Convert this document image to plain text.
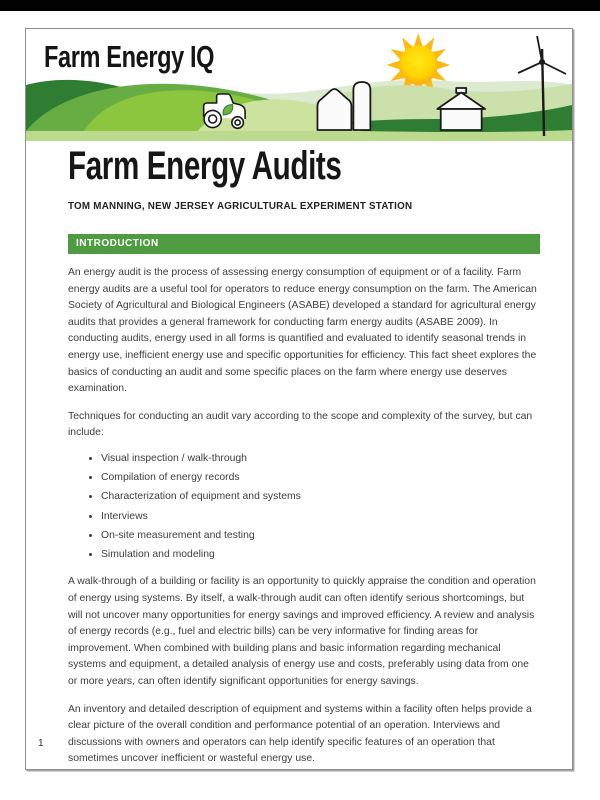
Farm Energy IQ
Farm Energy Audits
TOM MANNING, NEW JERSEY AGRICULTURAL EXPERIMENT STATION
INTRODUCTION

An energy audit is the process of assessing energy consumption of equipment or of a facility. Farm energy audits are a useful tool for operators to reduce energy consumption on the farm. The American Society of Agricultural and Biological Engineers (ASABE) developed a standard for agricultural energy audits that provides a general framework for conducting farm energy audits (ASABE 2009). In conducting audits, energy used in all forms is quantified and evaluated to identify seasonal trends in energy use, inefficient energy use and specific opportunities for efficiency. This fact sheet explores the basics of conducting an audit and some specific places on the farm where energy use deserves examination.

Techniques for conducting an audit vary according to the scope and complexity of the survey, but can include:

• Visual inspection / walk-through
• Compilation of energy records
• Characterization of equipment and systems
• Interviews
• On-site measurement and testing
• Simulation and modeling

A walk-through of a building or facility is an opportunity to quickly appraise the condition and operation of energy using systems. By itself, a walk-through audit can often identify serious shortcomings, but will not uncover many opportunities for energy savings and improved efficiency. A review and analysis of energy records (e.g., fuel and electric bills) can be very informative for finding areas for improvement. When combined with building plans and basic information regarding mechanical systems and equipment, a detailed analysis of energy use and costs, preferably using data from one or more years, can often identify significant opportunities for energy savings.

An inventory and detailed description of equipment and systems within a facility often helps provide a clear picture of the overall condition and performance potential of an operation. Interviews and discussions with owners and operators can help identify specific features of an operation that sometimes uncover inefficient or wasteful energy use.

1
